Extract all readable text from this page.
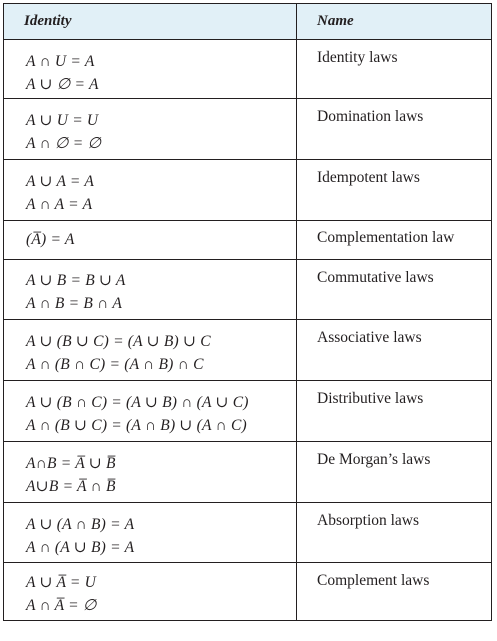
Identity	Name
A ∩ U = A
A ∪ ∅ = A
Identity laws
A ∪ U = U
A ∩ ∅ = ∅
Domination laws
A ∪ A = A
A ∩ A = A
Idempotent laws
(A̅) = A	Complementation law
A ∪ B = B ∪ A
A ∩ B = B ∩ A
Commutative laws
A ∪ (B ∪ C) = (A ∪ B) ∪ C
A ∩ (B ∩ C) = (A ∩ B) ∩ C
Associative laws
A ∪ (B ∩ C) = (A ∪ B) ∩ (A ∪ C)
A ∩ (B ∪ C) = (A ∩ B) ∪ (A ∩ C)
Distributive laws
A∩B = A̅ ∪ B̅
A∪B = A̅ ∩ B̅
De Morgan’s laws
A ∪ (A ∩ B) = A
A ∩ (A ∪ B) = A
Absorption laws
A ∪ A̅ = U
A ∩ A̅ = ∅
Complement laws
